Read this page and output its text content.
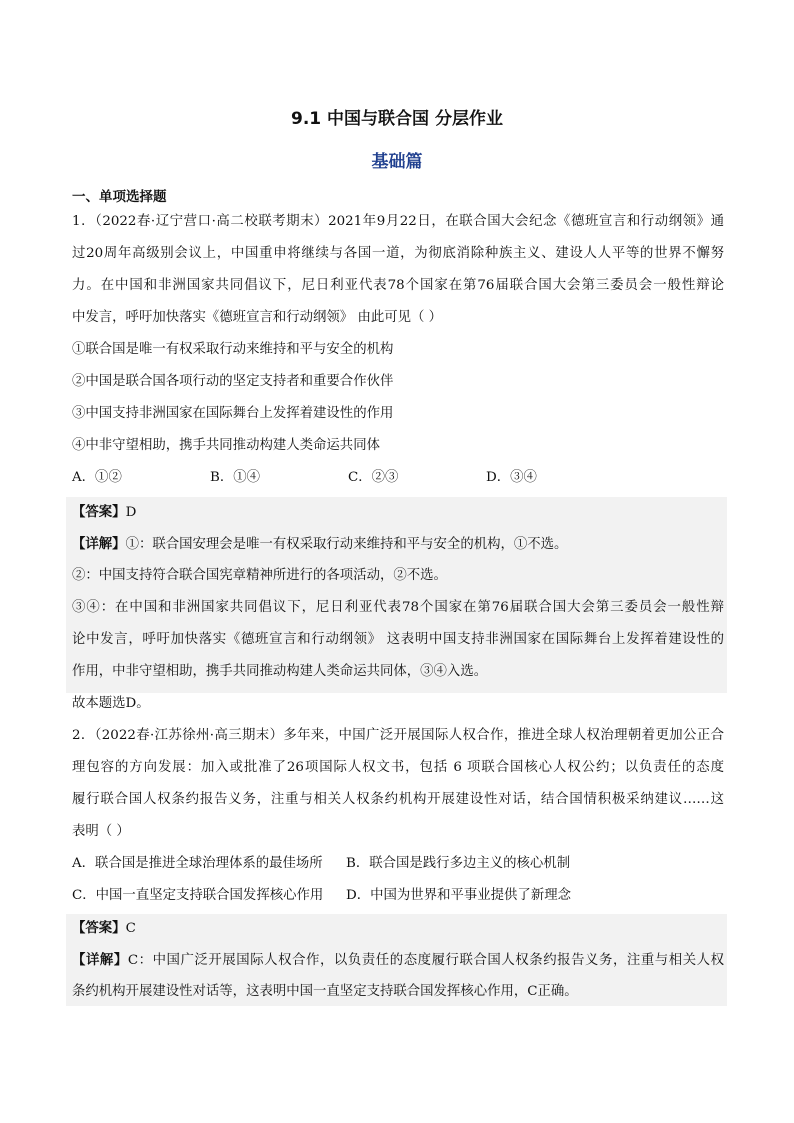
9.1 中国与联合国 分层作业
基础篇
一、单项选择题
1．（2022春·辽宁营口·高二校联考期末）2021年9月22日，在联合国大会纪念《德班宣言和行动纲领》通
过20周年高级别会议上，中国重申将继续与各国一道，为彻底消除种族主义、建设人人平等的世界不懈努
力。在中国和非洲国家共同倡议下，尼日利亚代表78个国家在第76届联合国大会第三委员会一般性辩论
中发言，呼吁加快落实《德班宣言和行动纲领》 由此可见（ ）
①联合国是唯一有权采取行动来维持和平与安全的机构
②中国是联合国各项行动的坚定支持者和重要合作伙伴
③中国支持非洲国家在国际舞台上发挥着建设性的作用
④中非守望相助，携手共同推动构建人类命运共同体
A．①②	B．①④	C．②③	D．③④
【答案】D
【详解】①：联合国安理会是唯一有权采取行动来维持和平与安全的机构，①不选。
②：中国支持符合联合国宪章精神所进行的各项活动，②不选。
③④：在中国和非洲国家共同倡议下，尼日利亚代表78个国家在第76届联合国大会第三委员会一般性辩
论中发言，呼吁加快落实《德班宣言和行动纲领》 这表明中国支持非洲国家在国际舞台上发挥着建设性的
作用，中非守望相助，携手共同推动构建人类命运共同体，③④入选。
故本题选D。
2．（2022春·江苏徐州·高三期末）多年来，中国广泛开展国际人权合作，推进全球人权治理朝着更加公正合
理包容的方向发展：加入或批准了26项国际人权文书，包括 6 项联合国核心人权公约；以负责任的态度
履行联合国人权条约报告义务，注重与相关人权条约机构开展建设性对话，结合国情积极采纳建议……这
表明（ ）
A．联合国是推进全球治理体系的最佳场所 B．联合国是践行多边主义的核心机制
C．中国一直坚定支持联合国发挥核心作用 D．中国为世界和平事业提供了新理念
【答案】C
【详解】C：中国广泛开展国际人权合作，以负责任的态度履行联合国人权条约报告义务，注重与相关人权
条约机构开展建设性对话等，这表明中国一直坚定支持联合国发挥核心作用，C正确。
